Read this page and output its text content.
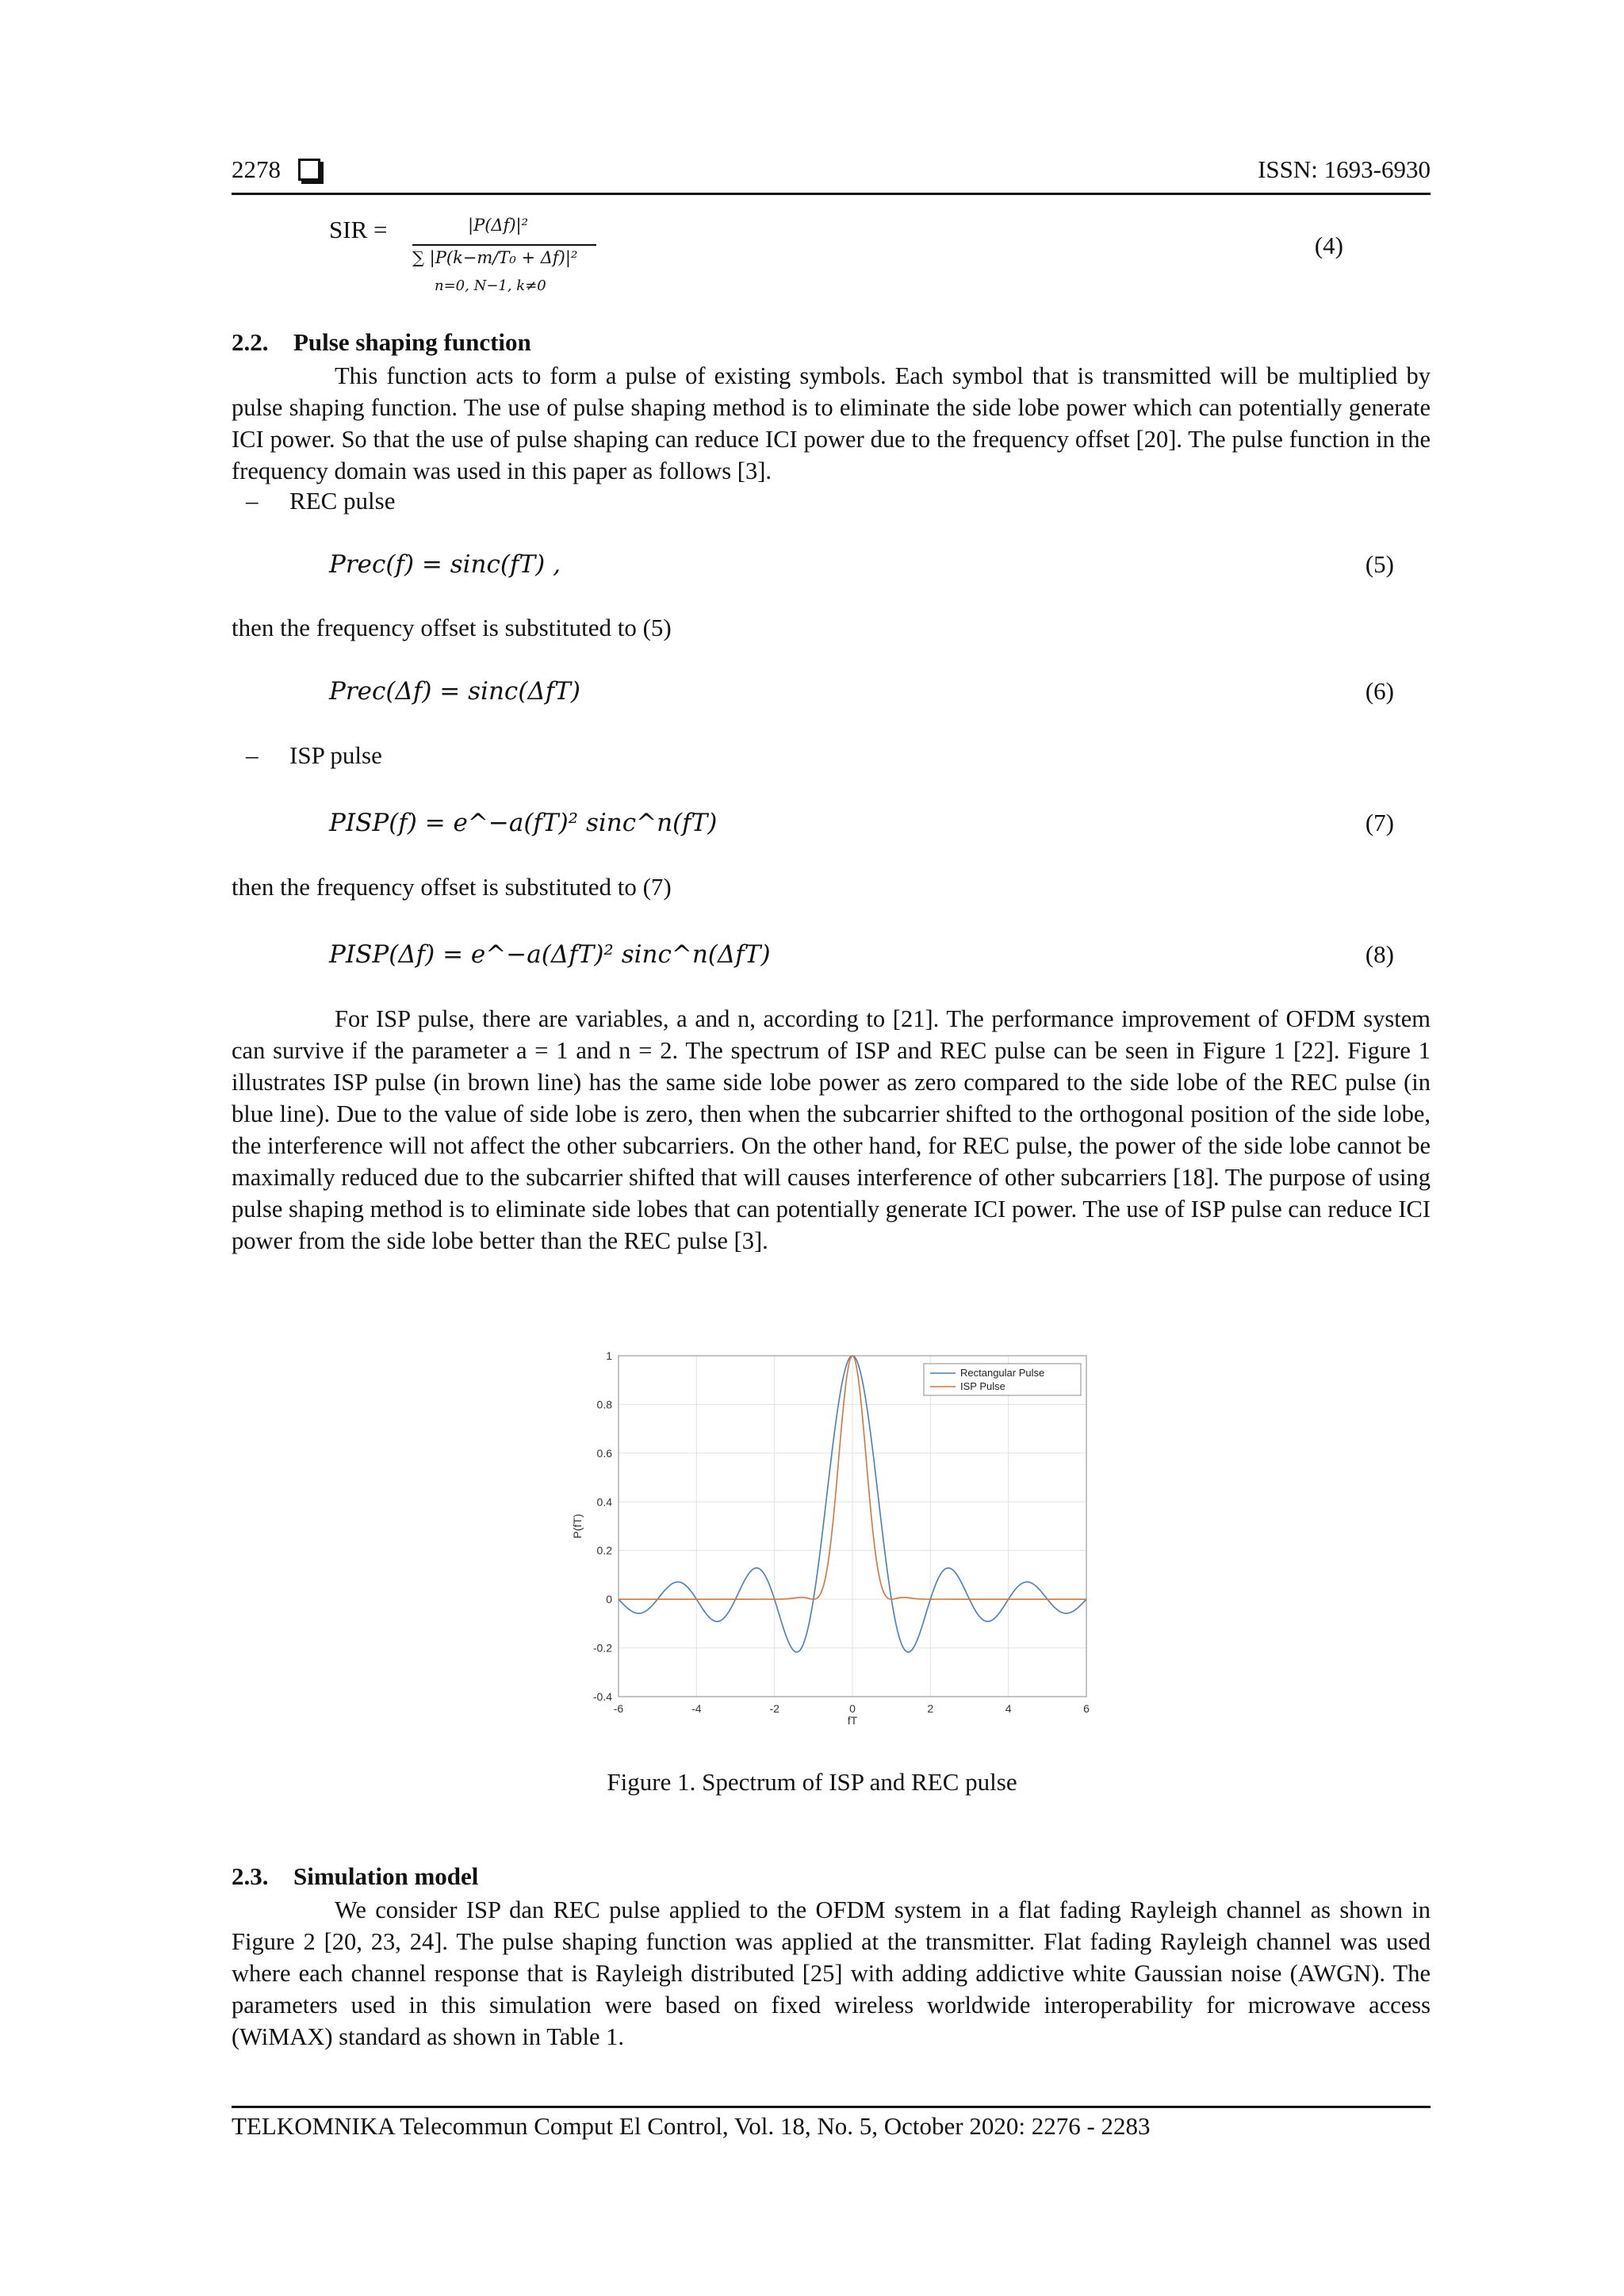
2278	ISSN: 1693-6930
SIR =	|P(Δf)|²
∑ |P(k−m/T₀ + Δf)|²
n=0, N−1, k≠0
(4)
2.2. Pulse shaping function
This function acts to form a pulse of existing symbols. Each symbol that is transmitted will be multiplied by pulse shaping function. The use of pulse shaping method is to eliminate the side lobe power which can potentially generate ICI power. So that the use of pulse shaping can reduce ICI power due to the frequency offset [20]. The pulse function in the frequency domain was used in this paper as follows [3].
– REC pulse
Prec(f) = sinc(fT) ,	(5)
then the frequency offset is substituted to (5)
Prec(Δf) = sinc(ΔfT)	(6)
– ISP pulse
PISP(f) = e^−a(fT)² sinc^n(fT)	(7)
then the frequency offset is substituted to (7)
PISP(Δf) = e^−a(ΔfT)² sinc^n(ΔfT)	(8)
For ISP pulse, there are variables, a and n, according to [21]. The performance improvement of OFDM system can survive if the parameter a = 1 and n = 2. The spectrum of ISP and REC pulse can be seen in Figure 1 [22]. Figure 1 illustrates ISP pulse (in brown line) has the same side lobe power as zero compared to the side lobe of the REC pulse (in blue line). Due to the value of side lobe is zero, then when the subcarrier shifted to the orthogonal position of the side lobe, the interference will not affect the other subcarriers. On the other hand, for REC pulse, the power of the side lobe cannot be maximally reduced due to the subcarrier shifted that will causes interference of other subcarriers [18]. The purpose of using pulse shaping method is to eliminate side lobes that can potentially generate ICI power. The use of ISP pulse can reduce ICI power from the side lobe better than the REC pulse [3].
-6	-4	-2	0	2	4	6
-0.4
-0.2
0
0.2
0.4
0.6
0.8
1
Rectangular Pulse
ISP Pulse
fT
P(fT)
Figure 1. Spectrum of ISP and REC pulse
2.3. Simulation model
We consider ISP dan REC pulse applied to the OFDM system in a flat fading Rayleigh channel as shown in Figure 2 [20, 23, 24]. The pulse shaping function was applied at the transmitter. Flat fading Rayleigh channel was used where each channel response that is Rayleigh distributed [25] with adding addictive white Gaussian noise (AWGN). The parameters used in this simulation were based on fixed wireless worldwide interoperability for microwave access (WiMAX) standard as shown in Table 1.
TELKOMNIKA Telecommun Comput El Control, Vol. 18, No. 5, October 2020: 2276 - 2283
